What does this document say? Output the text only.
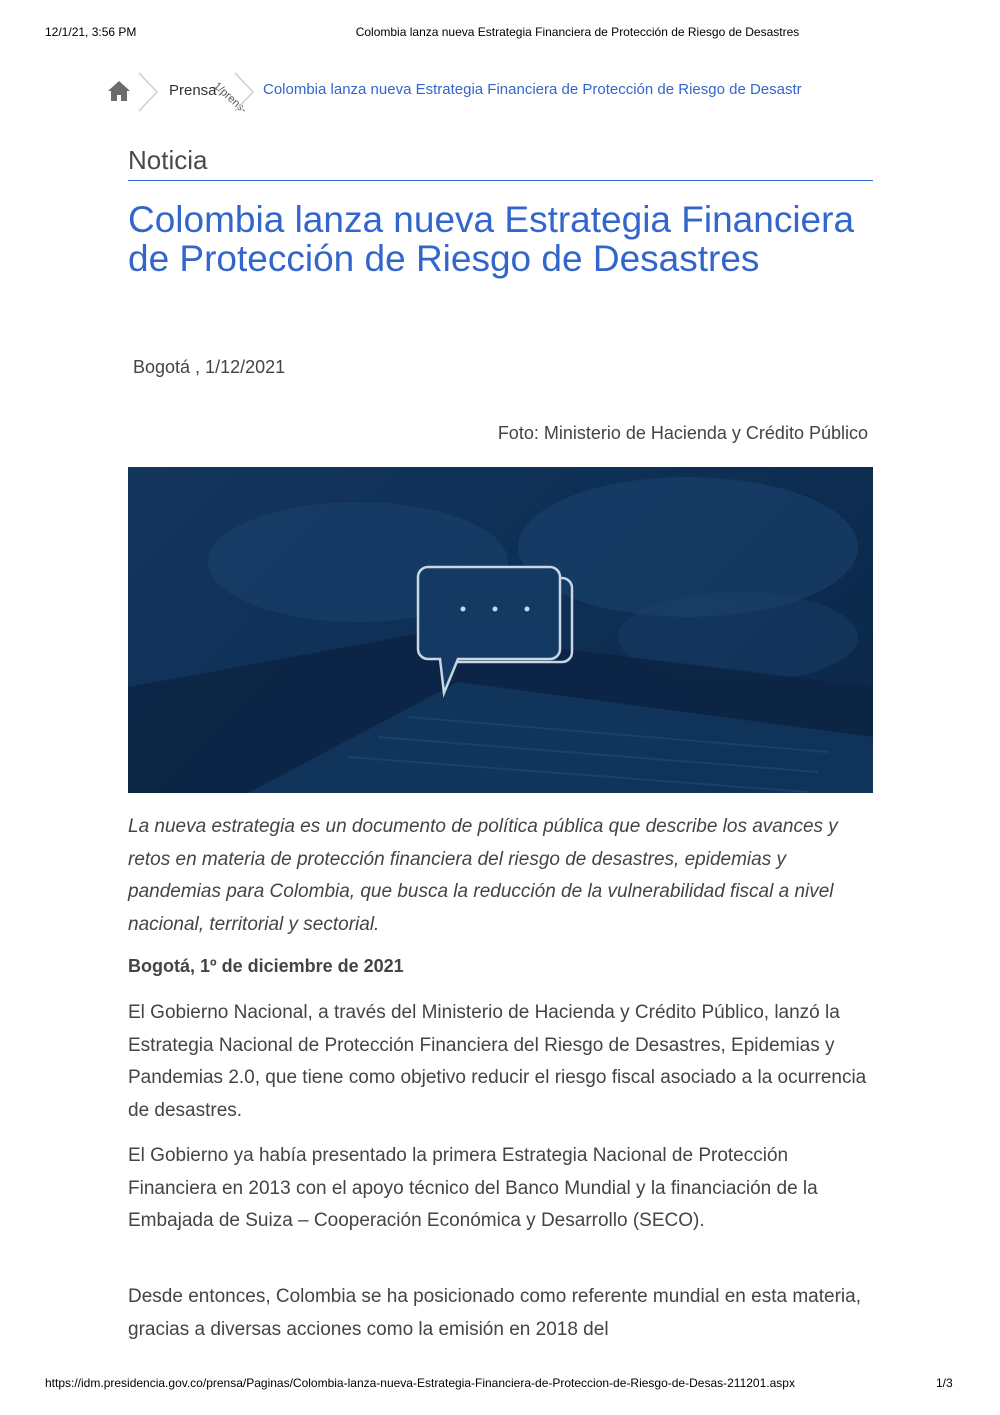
12/1/21, 3:56 PM	Colombia lanza nueva Estrategia Financiera de Protección de Riesgo de Desastres
Prensa
1/prens- Colombia lanza nueva Estrategia Financiera de Protección de Riesgo de Desastr
Noticia
Colombia lanza nueva Estrategia Financiera de Protección de Riesgo de Desastres
Bogotá , 1/12/2021
Foto: Ministerio de Hacienda y Crédito Público

La nueva estrategia es un documento de política pública que describe los avances y retos en materia de protección financiera del riesgo de desastres, epidemias y pandemias para Colombia, que busca la reducción de la vulnerabilidad fiscal a nivel nacional, territorial y sectorial.

Bogotá, 1º de diciembre de 2021

El Gobierno Nacional, a través del Ministerio de Hacienda y Crédito Público, lanzó la Estrategia Nacional de Protección Financiera del Riesgo de Desastres, Epidemias y Pandemias 2.0, que tiene como objetivo reducir el riesgo fiscal asociado a la ocurrencia de desastres.

El Gobierno ya había presentado la primera Estrategia Nacional de Protección Financiera en 2013 con el apoyo técnico del Banco Mundial y la financiación de la Embajada de Suiza – Cooperación Económica y Desarrollo (SECO).

Desde entonces, Colombia se ha posicionado como referente mundial en esta materia, gracias a diversas acciones como la emisión en 2018 del

https://idm.presidencia.gov.co/prensa/Paginas/Colombia-lanza-nueva-Estrategia-Financiera-de-Proteccion-de-Riesgo-de-Desas-211201.aspx	1/3
